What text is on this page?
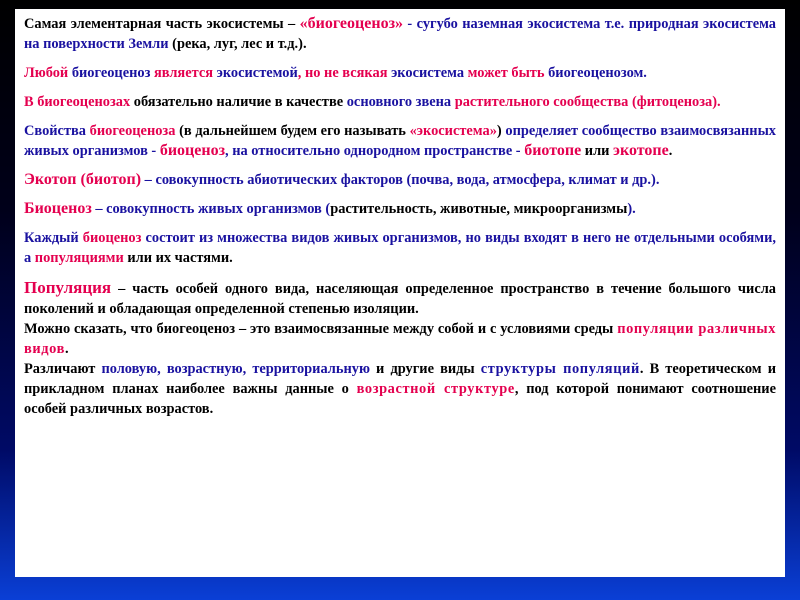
Самая элементарная часть экосистемы – «биогеоценоз» - сугубо наземная экосистема т.е. природная экосистема на поверхности Земли (река, луг, лес и т.д.).

Любой биогеоценоз является экосистемой, но не всякая экосистема может быть биогеоценозом.

В биогеоценозах обязательно наличие в качестве основного звена растительного сообщества (фитоценоза).

Свойства биогеоценоза (в дальнейшем будем его называть «экосистема») определяет сообщество взаимосвязанных живых организмов - биоценоз, на относительно однородном пространстве - биотопе или экотопе.

Экотоп (биотоп) – совокупность абиотических факторов (почва, вода, атмосфера, климат и др.).

Биоценоз – совокупность живых организмов (растительность, животные, микроорганизмы).

Каждый биоценоз состоит из множества видов живых организмов, но виды входят в него не отдельными особями, а популяциями или их частями.

Популяция – часть особей одного вида, населяющая определенное пространство в течение большого числа поколений и обладающая определенной степенью изоляции.

Можно сказать, что биогеоценоз – это взаимосвязанные между собой и с условиями среды популяции различных видов.

Различают половую, возрастную, территориальную и другие виды структуры популяций. В теоретическом и прикладном планах наиболее важны данные о возрастной структуре, под которой понимают соотношение особей различных возрастов.
